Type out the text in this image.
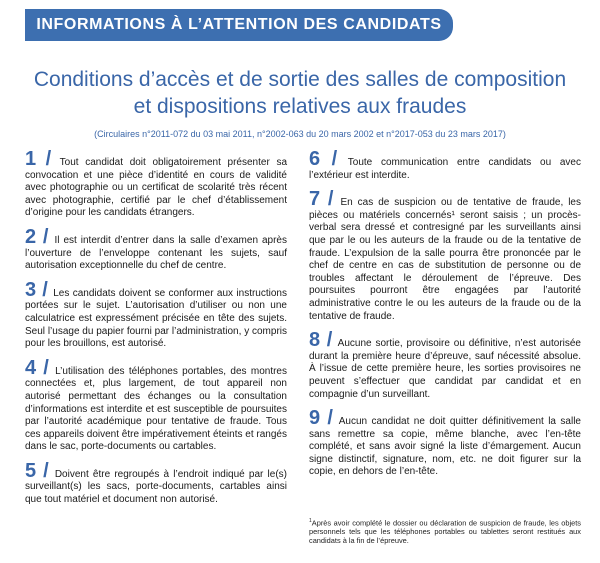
INFORMATIONS À L’ATTENTION DES CANDIDATS
Conditions d’accès et de sortie des salles de composition
et dispositions relatives aux fraudes
(Circulaires n°2011-072 du 03 mai 2011, n°2002-063 du 20 mars 2002 et n°2017-053 du 23 mars 2017)

1 / Tout candidat doit obligatoirement présenter sa convocation et une pièce d’identité en cours de validité avec photographie ou un certificat de scolarité très récent avec photographie, certifié par le chef d’établissement d’origine pour les candidats étrangers.

2 / Il est interdit d’entrer dans la salle d’examen après l’ouverture de l’enveloppe contenant les sujets, sauf autorisation exceptionnelle du chef de centre.

3 / Les candidats doivent se conformer aux instructions portées sur le sujet. L’autorisation d’utiliser ou non une calculatrice est expressément précisée en tête des sujets. Seul l’usage du papier fourni par l’administration, y compris pour les brouillons, est autorisé.

4 / L’utilisation des téléphones portables, des montres connectées et, plus largement, de tout appareil non autorisé permettant des échanges ou la consultation d’informations est interdite et est susceptible de poursuites par l’autorité académique pour tentative de fraude. Tous ces appareils doivent être impérativement éteints et rangés dans le sac, porte-documents ou cartables.

5 / Doivent être regroupés à l’endroit indiqué par le(s) surveillant(s) les sacs, porte-documents, cartables ainsi que tout matériel et document non autorisé.

6 / Toute communication entre candidats ou avec l’extérieur est interdite.

7 / En cas de suspicion ou de tentative de fraude, les pièces ou matériels concernés¹ seront saisis ; un procès-verbal sera dressé et contresigné par les surveillants ainsi que par le ou les auteurs de la fraude ou de la tentative de fraude. L’expulsion de la salle pourra être prononcée par le chef de centre en cas de substitution de personne ou de troubles affectant le déroulement de l’épreuve. Des poursuites pourront être engagées par l’autorité administrative contre le ou les auteurs de la fraude ou de la tentative de fraude.

8 / Aucune sortie, provisoire ou définitive, n’est autorisée durant la première heure d’épreuve, sauf nécessité absolue. À l’issue de cette première heure, les sorties provisoires ne peuvent s’effectuer que candidat par candidat et en compagnie d’un surveillant.

9 / Aucun candidat ne doit quitter définitivement la salle sans remettre sa copie, même blanche, avec l’en-tête complété, et sans avoir signé la liste d’émargement. Aucun signe distinctif, signature, nom, etc. ne doit figurer sur la copie, en dehors de l’en-tête.

$^1$Après avoir complété le dossier ou déclaration de suspicion de fraude, les objets personnels tels que les téléphones portables ou tablettes seront restitués aux candidats à la fin de l’épreuve.
